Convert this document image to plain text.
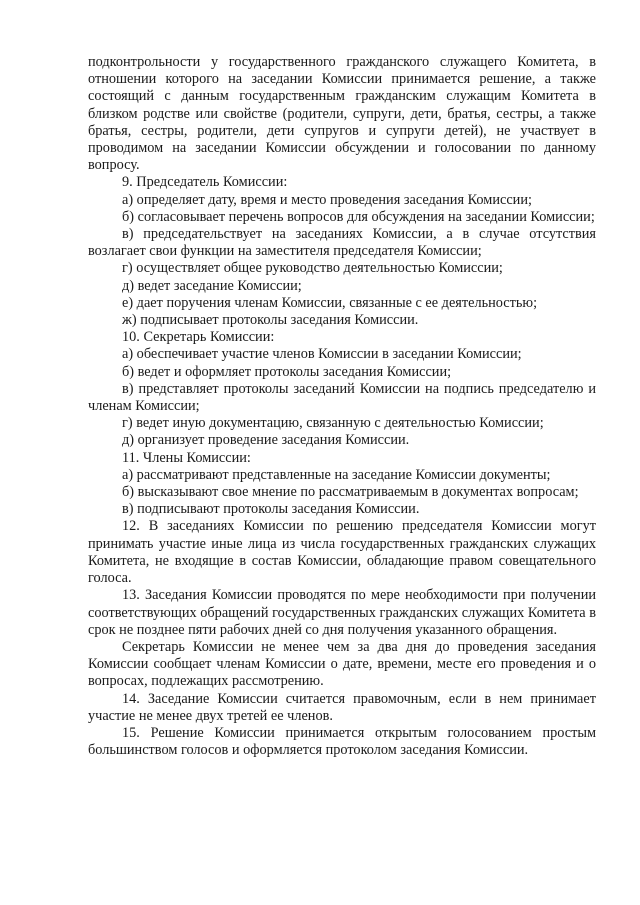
подконтрольности у государственного гражданского служащего Комитета, в отношении которого на заседании Комиссии принимается решение, а также состоящий с данным государственным гражданским служащим Комитета в близком родстве или свойстве (родители, супруги, дети, братья, сестры, а также братья, сестры, родители, дети супругов и супруги детей), не участвует в проводимом на заседании Комиссии обсуждении и голосовании по данному вопросу.

9. Председатель Комиссии:

а) определяет дату, время и место проведения заседания Комиссии;

б) согласовывает перечень вопросов для обсуждения на заседании Комиссии;

в) председательствует на заседаниях Комиссии, а в случае отсутствия возлагает свои функции на заместителя председателя Комиссии;

г) осуществляет общее руководство деятельностью Комиссии;

д) ведет заседание Комиссии;

е) дает поручения членам Комиссии, связанные с ее деятельностью;

ж) подписывает протоколы заседания Комиссии.

10. Секретарь Комиссии:

а) обеспечивает участие членов Комиссии в заседании Комиссии;

б) ведет и оформляет протоколы заседания Комиссии;

в) представляет протоколы заседаний Комиссии на подпись председателю и членам Комиссии;

г) ведет иную документацию, связанную с деятельностью Комиссии;

д) организует проведение заседания Комиссии.

11. Члены Комиссии:

а) рассматривают представленные на заседание Комиссии документы;

б) высказывают свое мнение по рассматриваемым в документах вопросам;

в) подписывают протоколы заседания Комиссии.

12. В заседаниях Комиссии по решению председателя Комиссии могут принимать участие иные лица из числа государственных гражданских служащих Комитета, не входящие в состав Комиссии, обладающие правом совещательного голоса.

13. Заседания Комиссии проводятся по мере необходимости при получении соответствующих обращений государственных гражданских служащих Комитета в срок не позднее пяти рабочих дней со дня получения указанного обращения.

Секретарь Комиссии не менее чем за два дня до проведения заседания Комиссии сообщает членам Комиссии о дате, времени, месте его проведения и о вопросах, подлежащих рассмотрению.

14. Заседание Комиссии считается правомочным, если в нем принимает участие не менее двух третей ее членов.

15. Решение Комиссии принимается открытым голосованием простым большинством голосов и оформляется протоколом заседания Комиссии.
